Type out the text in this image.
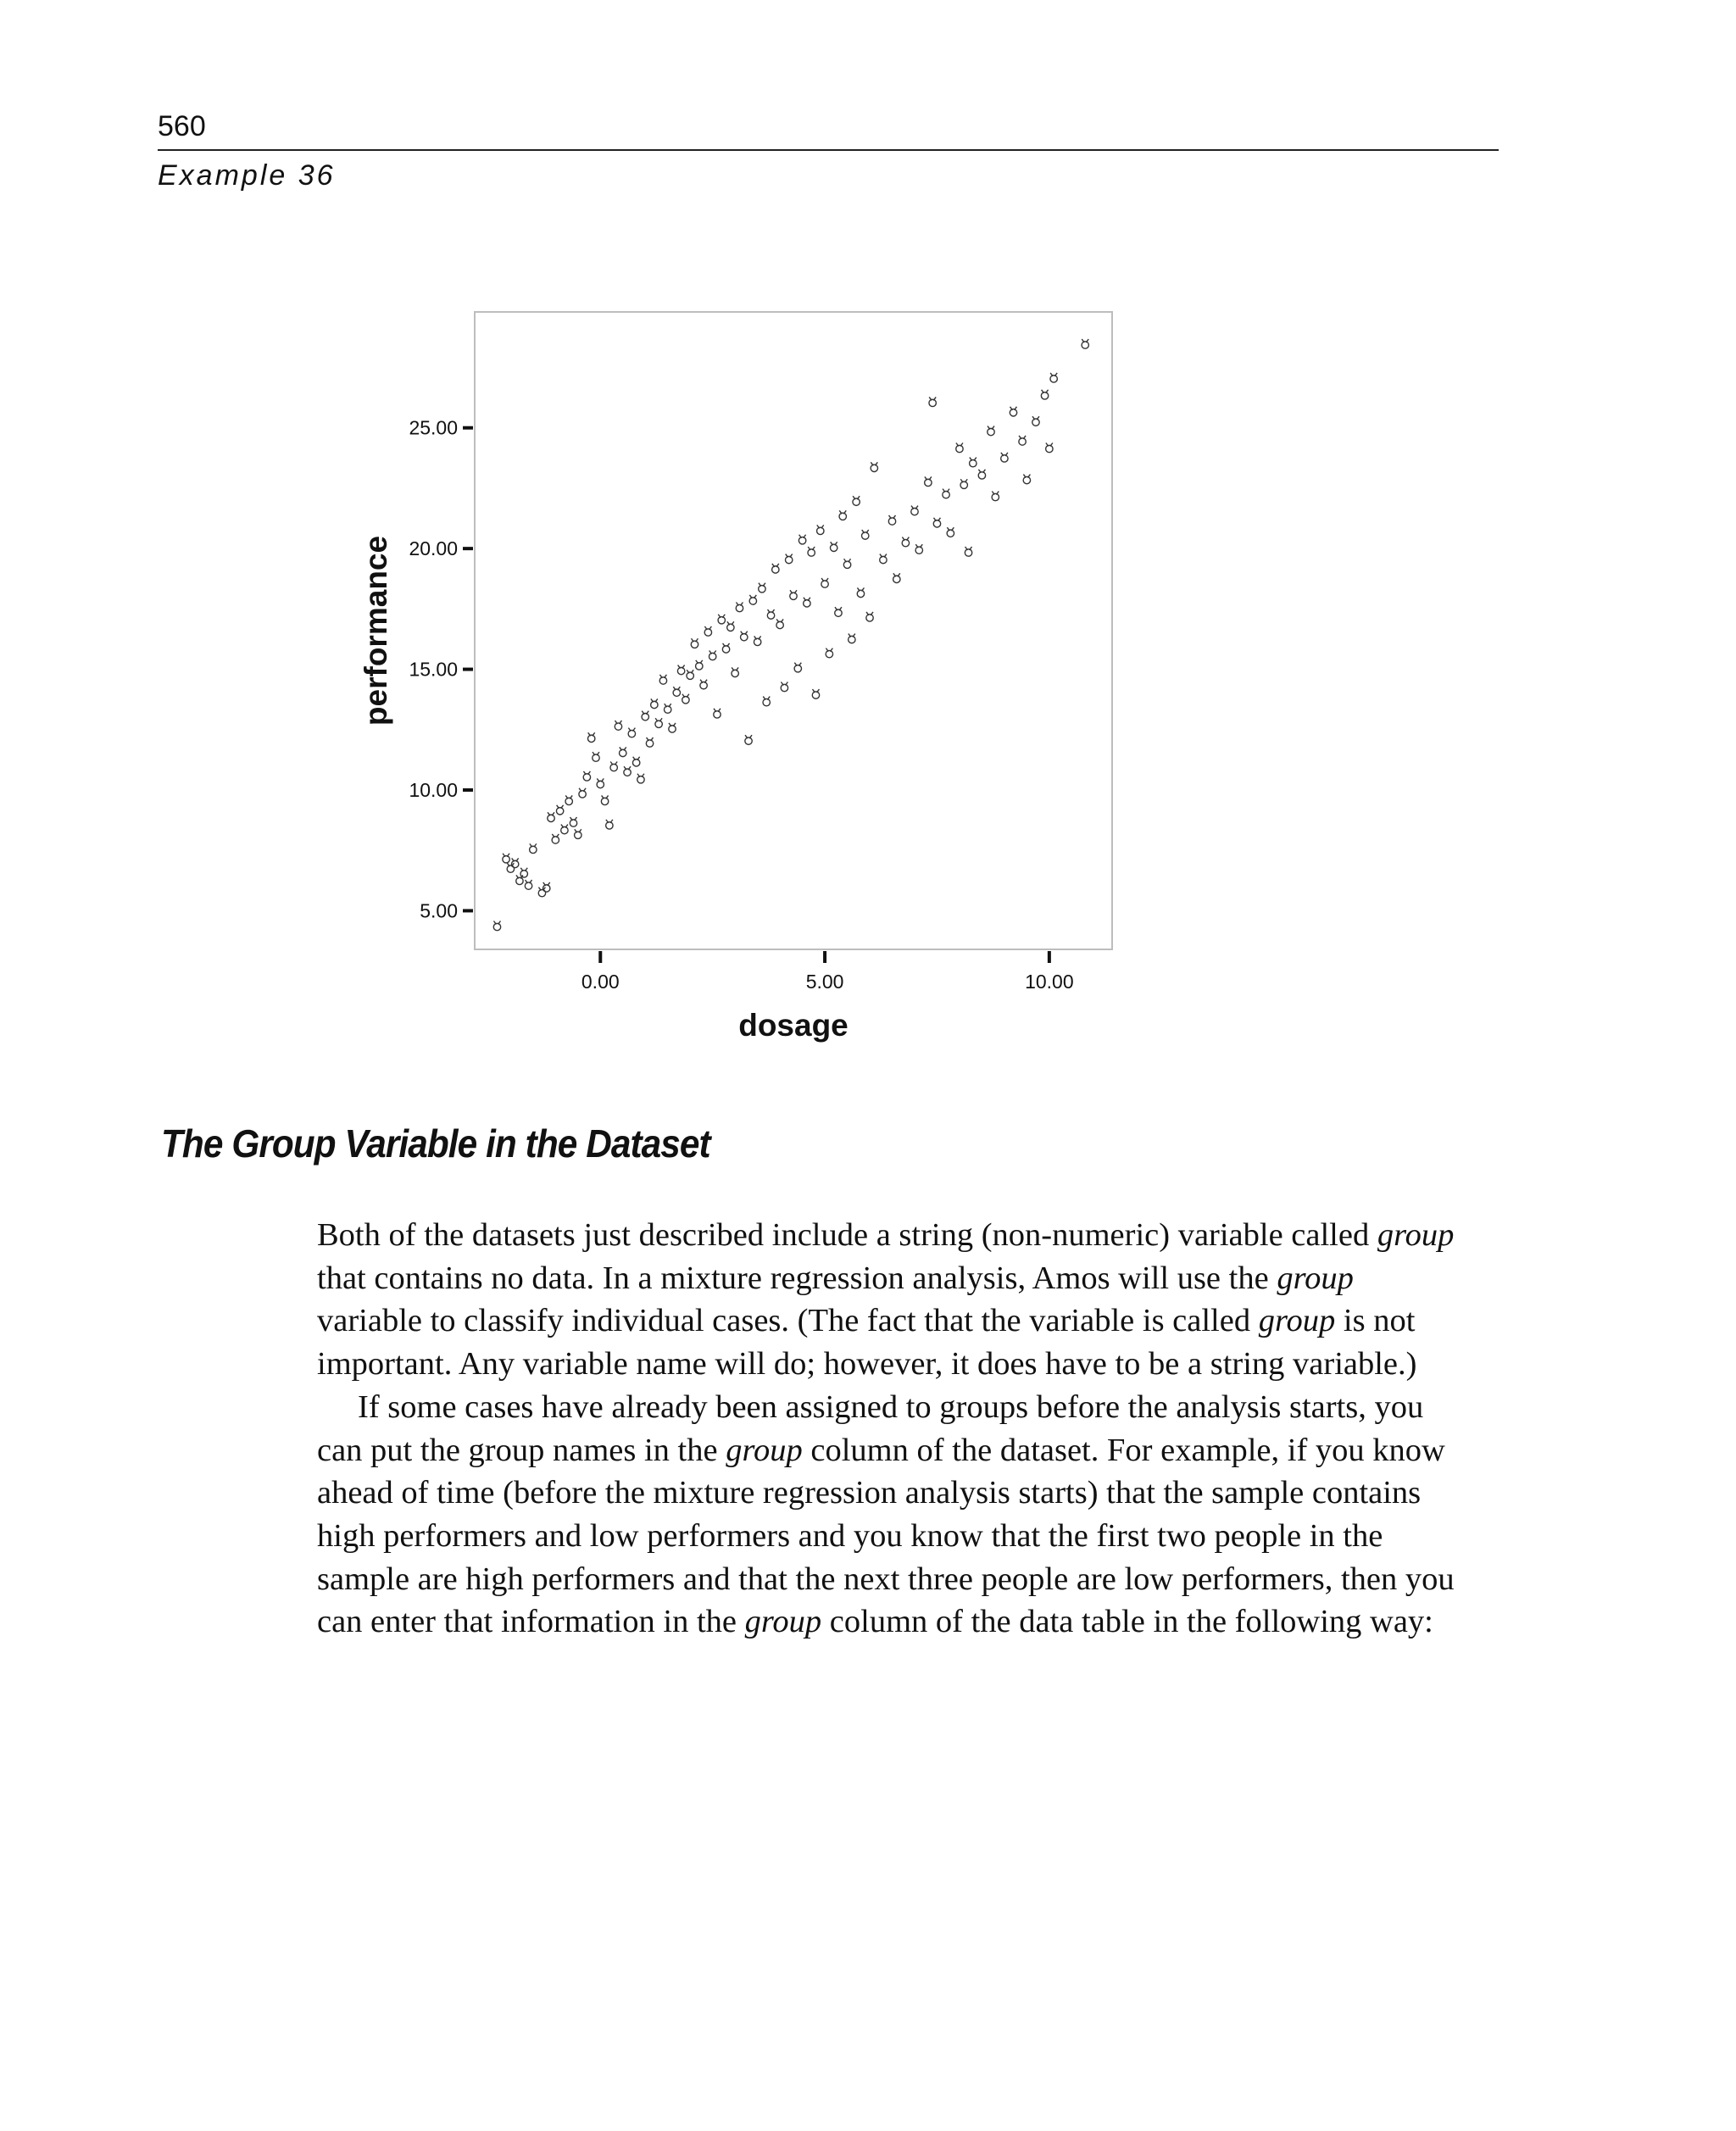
560
Example 36
5.00
10.00
15.00
20.00
25.00
0.00	5.00	10.00
performance
dosage
The Group Variable in the Dataset
Both of the datasets just described include a string (non-numeric) variable called group
that contains no data. In a mixture regression analysis, Amos will use the group
variable to classify individual cases. (The fact that the variable is called group is not
important. Any variable name will do; however, it does have to be a string variable.)
If some cases have already been assigned to groups before the analysis starts, you
can put the group names in the group column of the dataset. For example, if you know
ahead of time (before the mixture regression analysis starts) that the sample contains
high performers and low performers and you know that the first two people in the
sample are high performers and that the next three people are low performers, then you
can enter that information in the group column of the data table in the following way:
